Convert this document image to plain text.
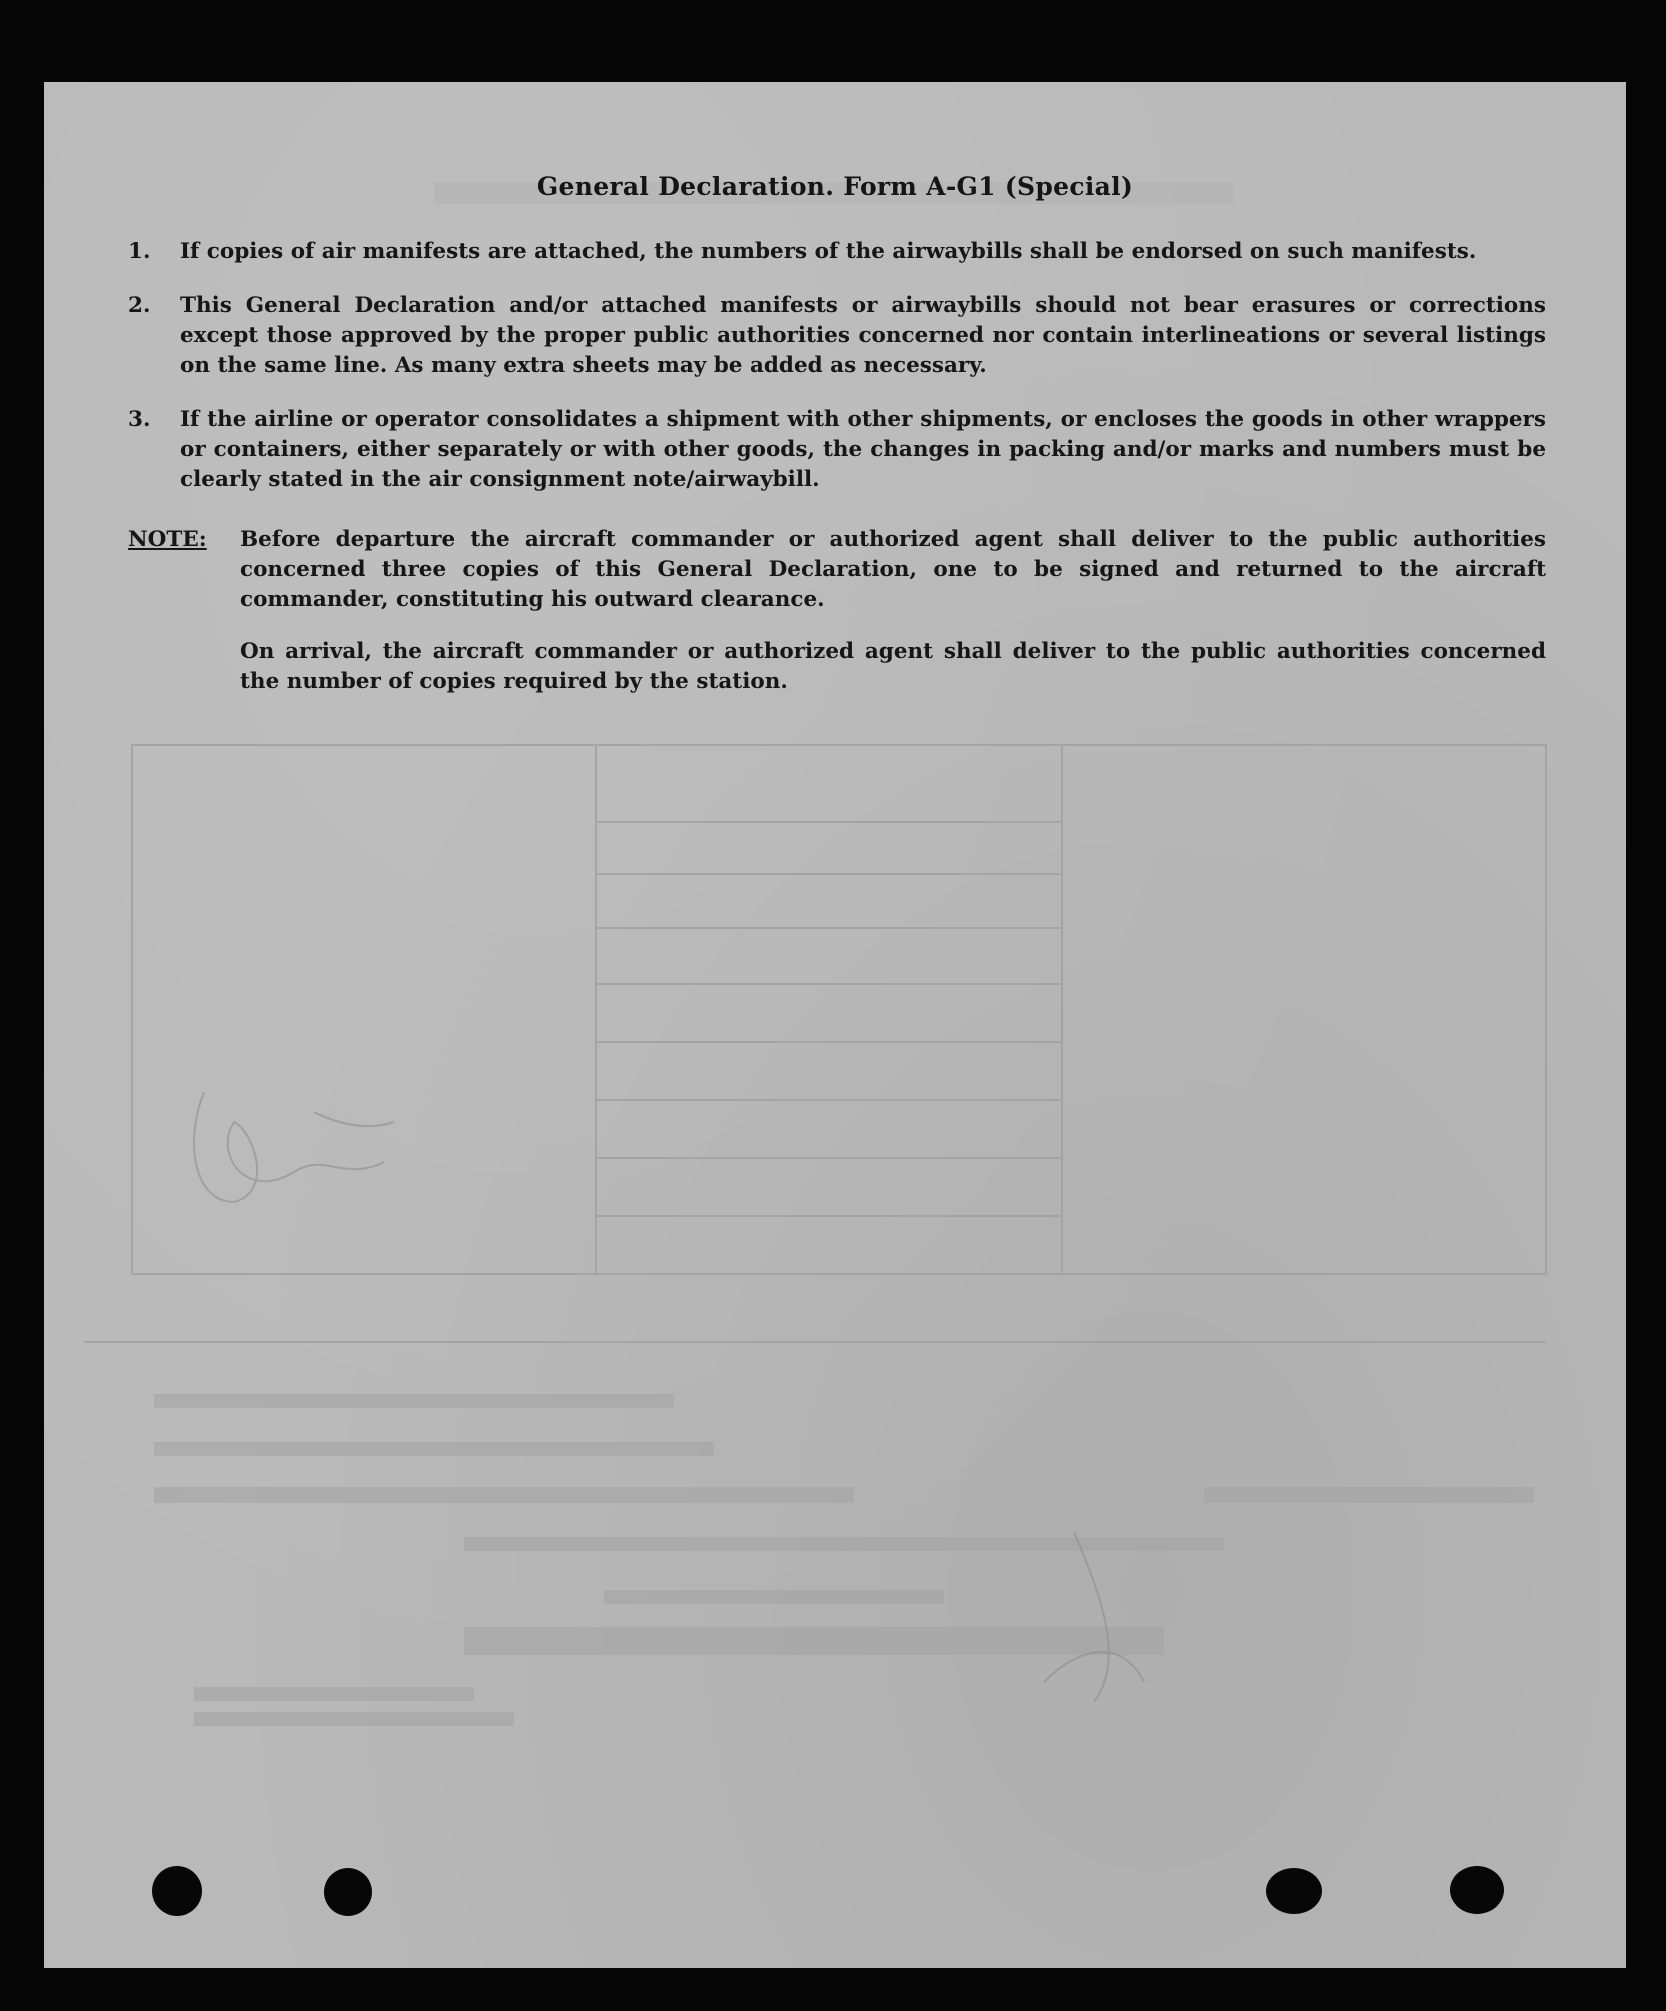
General Declaration. Form A-G1 (Special)
1.	If copies of air manifests are attached, the numbers of the airwaybills shall be endorsed on such manifests.
2.	This General Declaration and/or attached manifests or airwaybills should not bear erasures or corrections except those approved by the proper public authorities concerned nor contain interlineations or several listings on the same line. As many extra sheets may be added as necessary.
3.	If the airline or operator consolidates a shipment with other shipments, or encloses the goods in other wrappers or containers, either separately or with other goods, the changes in packing and/or marks and numbers must be clearly stated in the air consignment note/airwaybill.
NOTE: Before departure the aircraft commander or authorized agent shall deliver to the public authorities concerned three copies of this General Declaration, one to be signed and returned to the aircraft commander, constituting his outward clearance.
On arrival, the aircraft commander or authorized agent shall deliver to the public authorities concerned the number of copies required by the station.
